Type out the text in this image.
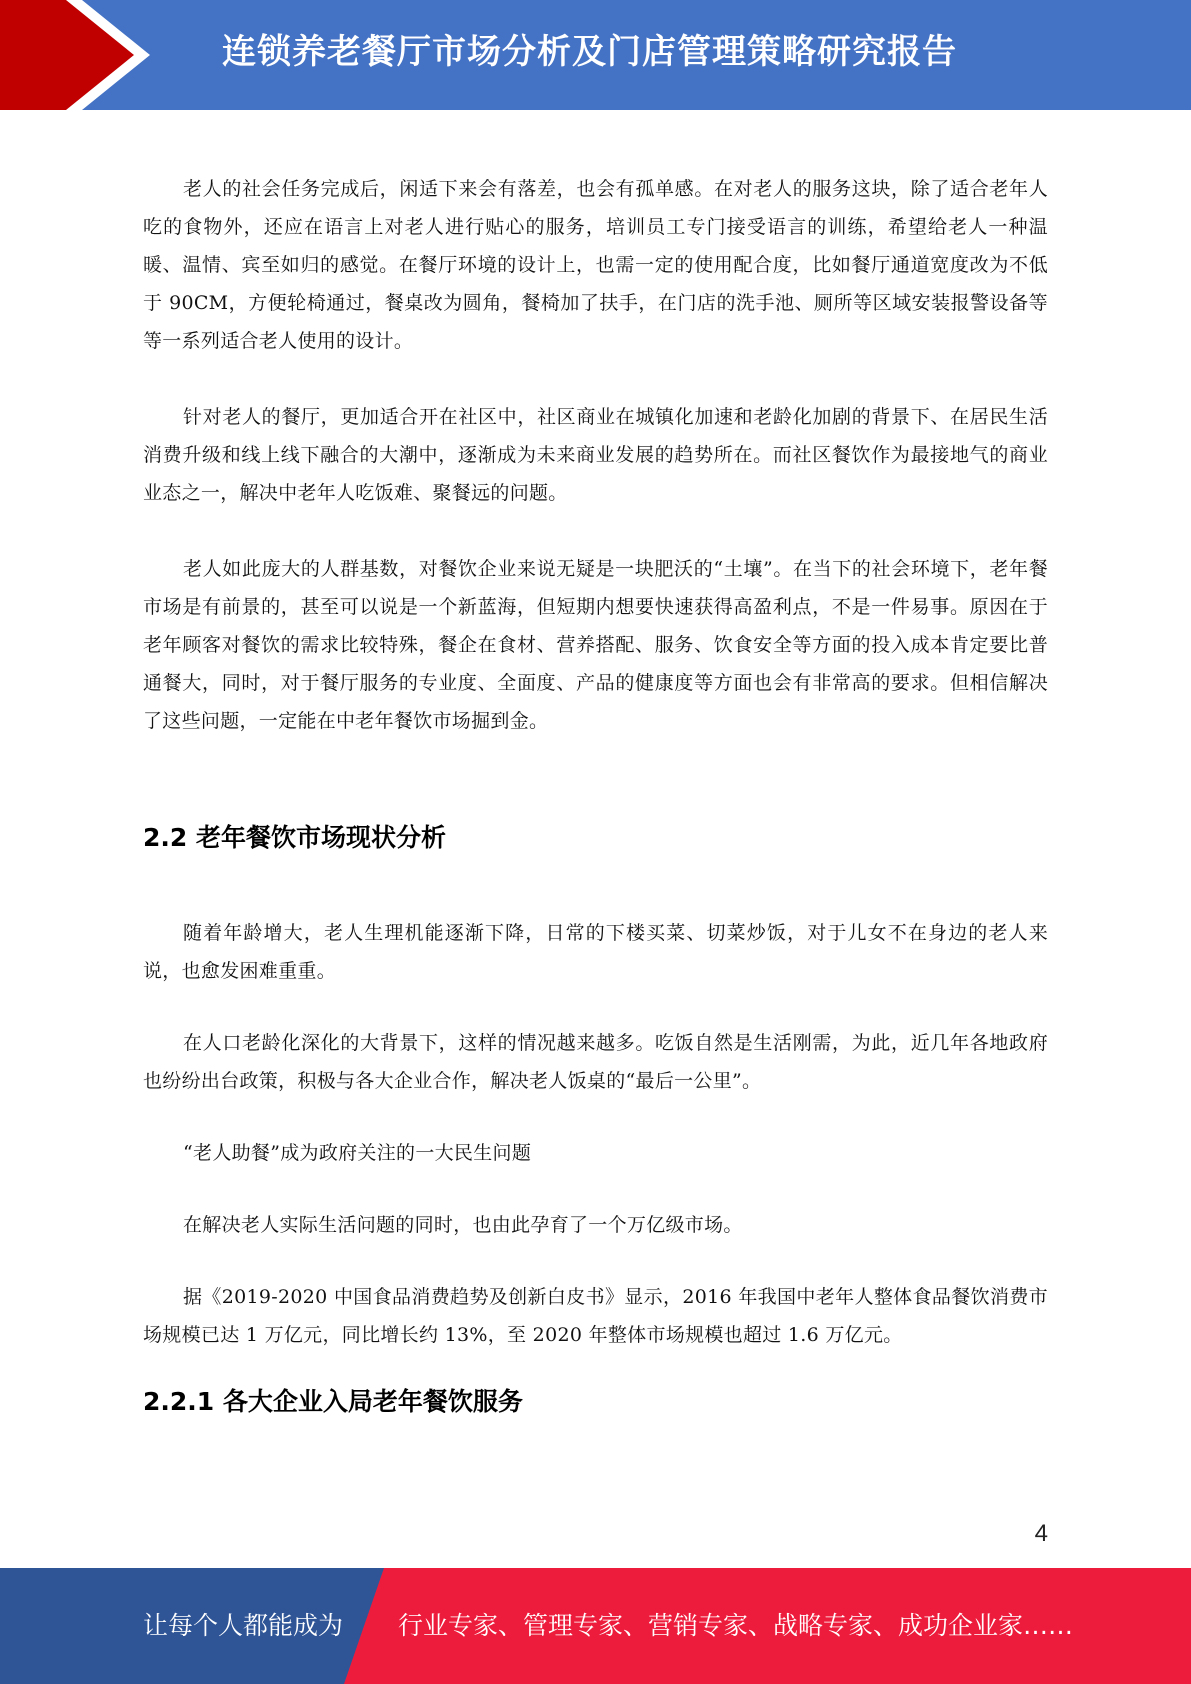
连锁养老餐厅市场分析及门店管理策略研究报告

老人的社会任务完成后，闲适下来会有落差，也会有孤单感。在对老人的服务这块，除了适合老年人吃的食物外，还应在语言上对老人进行贴心的服务，培训员工专门接受语言的训练，希望给老人一种温暖、温情、宾至如归的感觉。在餐厅环境的设计上，也需一定的使用配合度，比如餐厅通道宽度改为不低于 90CM，方便轮椅通过，餐桌改为圆角，餐椅加了扶手，在门店的洗手池、厕所等区域安装报警设备等等一系列适合老人使用的设计。

针对老人的餐厅，更加适合开在社区中，社区商业在城镇化加速和老龄化加剧的背景下、在居民生活消费升级和线上线下融合的大潮中，逐渐成为未来商业发展的趋势所在。而社区餐饮作为最接地气的商业业态之一，解决中老年人吃饭难、聚餐远的问题。

老人如此庞大的人群基数，对餐饮企业来说无疑是一块肥沃的“土壤”。在当下的社会环境下，老年餐市场是有前景的，甚至可以说是一个新蓝海，但短期内想要快速获得高盈利点，不是一件易事。原因在于老年顾客对餐饮的需求比较特殊，餐企在食材、营养搭配、服务、饮食安全等方面的投入成本肯定要比普通餐大，同时，对于餐厅服务的专业度、全面度、产品的健康度等方面也会有非常高的要求。但相信解决了这些问题，一定能在中老年餐饮市场掘到金。

2.2 老年餐饮市场现状分析

随着年龄增大，老人生理机能逐渐下降，日常的下楼买菜、切菜炒饭，对于儿女不在身边的老人来说，也愈发困难重重。

在人口老龄化深化的大背景下，这样的情况越来越多。吃饭自然是生活刚需，为此，近几年各地政府也纷纷出台政策，积极与各大企业合作，解决老人饭桌的“最后一公里”。

“老人助餐”成为政府关注的一大民生问题

在解决老人实际生活问题的同时，也由此孕育了一个万亿级市场。

据《2019-2020 中国食品消费趋势及创新白皮书》显示，2016 年我国中老年人整体食品餐饮消费市场规模已达 1 万亿元，同比增长约 13%，至 2020 年整体市场规模也超过 1.6 万亿元。

2.2.1 各大企业入局老年餐饮服务
4
让每个人都能成为 行业专家、管理专家、营销专家、战略专家、成功企业家……
